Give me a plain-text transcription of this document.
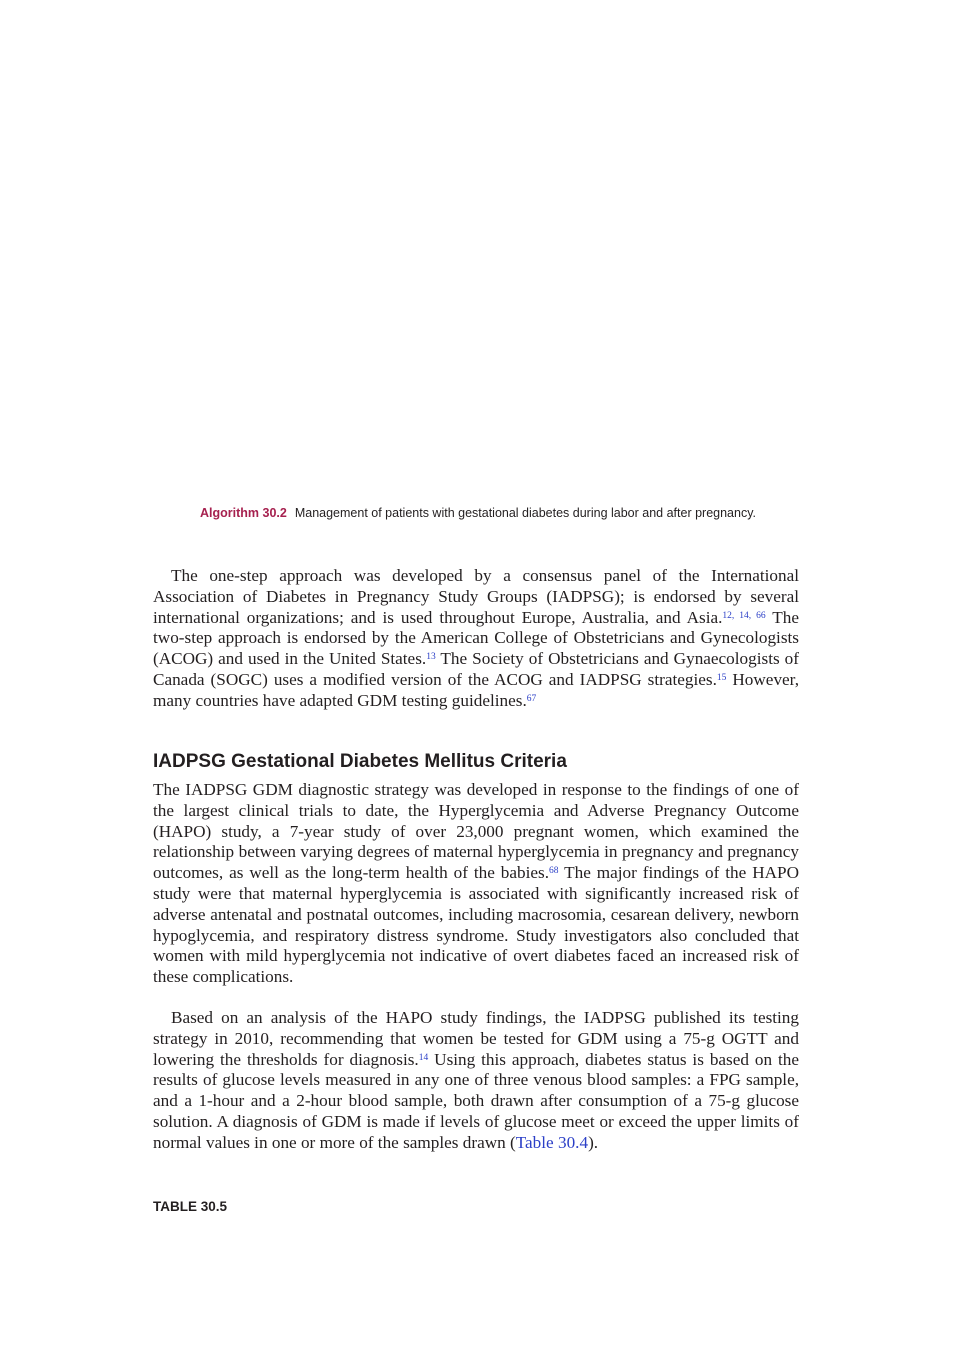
Algorithm 30.2 Management of patients with gestational diabetes during labor and after pregnancy.

The one-step approach was developed by a consensus panel of the International Association of Diabetes in Pregnancy Study Groups (IADPSG); is endorsed by several international organizations; and is used throughout Europe, Australia, and Asia.$^{12, 14, 66}$ The two-step approach is endorsed by the American College of Obstetricians and Gynecologists (ACOG) and used in the United States.$^{13}$ The Society of Obstetricians and Gynaecologists of Canada (SOGC) uses a modified version of the ACOG and IADPSG strategies.$^{15}$ However, many countries have adapted GDM testing guidelines.$^{67}$

IADPSG Gestational Diabetes Mellitus Criteria

The IADPSG GDM diagnostic strategy was developed in response to the findings of one of the largest clinical trials to date, the Hyperglycemia and Adverse Pregnancy Outcome (HAPO) study, a 7-year study of over 23,000 pregnant women, which examined the relationship between varying degrees of maternal hyperglycemia in pregnancy and pregnancy outcomes, as well as the long-term health of the babies.$^{68}$ The major findings of the HAPO study were that maternal hyperglycemia is associated with significantly increased risk of adverse antenatal and postnatal outcomes, including macrosomia, cesarean delivery, newborn hypoglycemia, and respiratory distress syndrome. Study investigators also concluded that women with mild hyperglycemia not indicative of overt diabetes faced an increased risk of these complications.

Based on an analysis of the HAPO study findings, the IADPSG published its testing strategy in 2010, recommending that women be tested for GDM using a 75-g OGTT and lowering the thresholds for diagnosis.$^{14}$ Using this approach, diabetes status is based on the results of glucose levels measured in any one of three venous blood samples: a FPG sample, and a 1-hour and a 2-hour blood sample, both drawn after consumption of a 75-g glucose solution. A diagnosis of GDM is made if levels of glucose meet or exceed the upper limits of normal values in one or more of the samples drawn (Table 30.4).

TABLE 30.5
